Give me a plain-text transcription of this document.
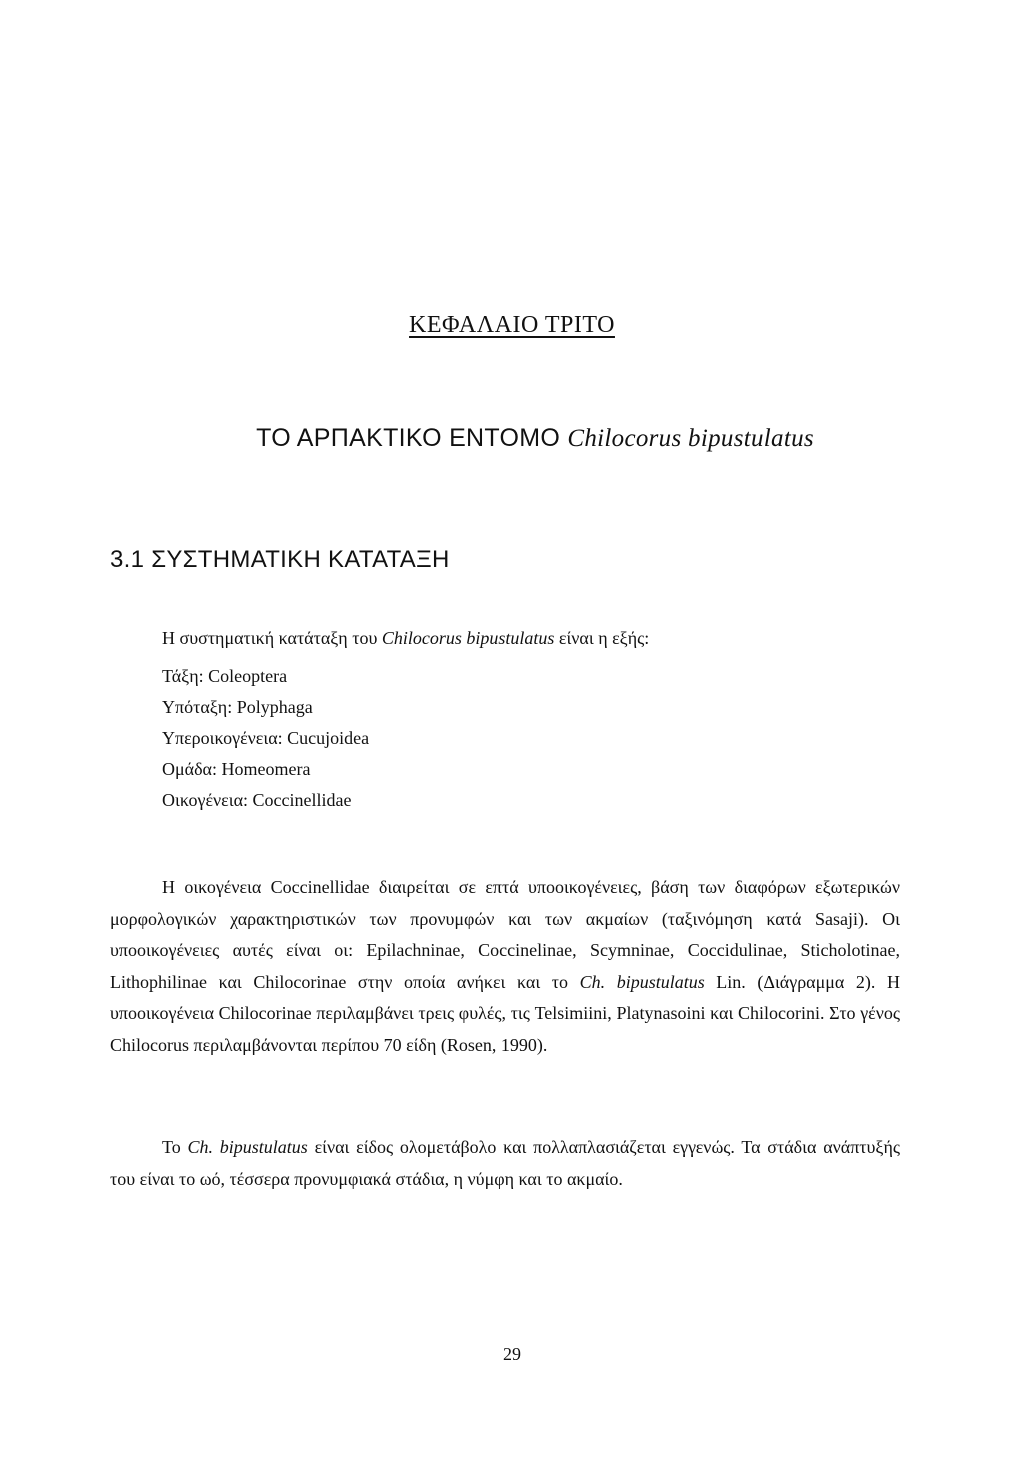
ΚΕΦΑΛΑΙΟ ΤΡΙΤΟ
ΤΟ ΑΡΠΑΚΤΙΚΟ ΕΝΤΟΜΟ Chilocorus bipustulatus
3.1 ΣΥΣΤΗΜΑΤΙΚΗ ΚΑΤΑΤΑΞΗ
Η συστηματική κατάταξη του Chilocorus bipustulatus είναι η εξής:
Τάξη: Coleoptera
Υπόταξη: Polyphaga
Υπεροικογένεια: Cucujoidea
Ομάδα: Homeomera
Οικογένεια: Coccinellidae
Η οικογένεια Coccinellidae διαιρείται σε επτά υποοικογένειες, βάση των διαφόρων εξωτερικών μορφολογικών χαρακτηριστικών των προνυμφών και των ακμαίων (ταξινόμηση κατά Sasaji). Οι υποοικογένειες αυτές είναι οι: Epilachninae, Coccinelinae, Scymninae, Coccidulinae, Sticholotinae, Lithophilinae και Chilocorinae στην οποία ανήκει και το Ch. bipustulatus Lin. (Διάγραμμα 2). Η υποοικογένεια Chilocorinae περιλαμβάνει τρεις φυλές, τις Telsimiini, Platynasoini και Chilocorini. Στο γένος Chilocorus περιλαμβάνονται περίπου 70 είδη (Rosen, 1990).
Το Ch. bipustulatus είναι είδος ολομετάβολο και πολλαπλασιάζεται εγγενώς. Τα στάδια ανάπτυξής του είναι το ωό, τέσσερα προνυμφιακά στάδια, η νύμφη και το ακμαίο.
29
